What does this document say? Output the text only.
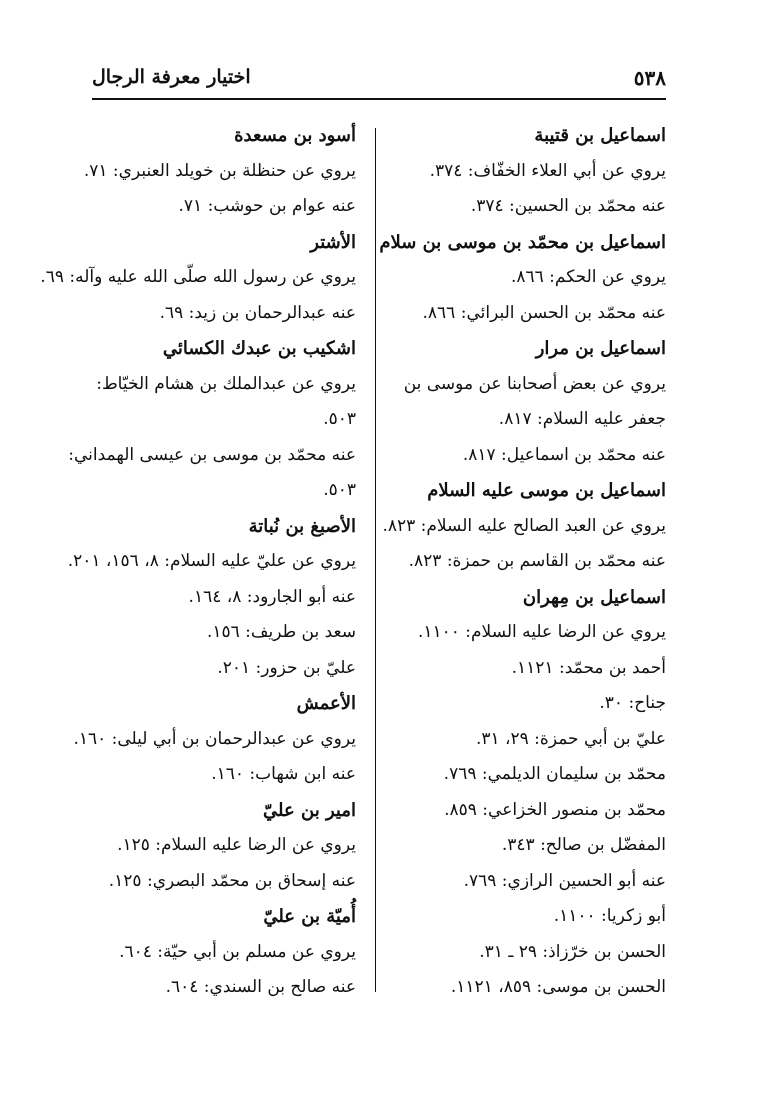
٥٣٨
اختيار معرفة الرجال
اسماعيل بن قتيبة
يروي عن أبي العلاء الخفّاف: ٣٧٤.
عنه محمّد بن الحسين: ٣٧٤.
اسماعيل بن محمّد بن موسى بن سلام
يروي عن الحكم: ٨٦٦.
عنه محمّد بن الحسن البرائي: ٨٦٦.
اسماعيل بن مرار
يروي عن بعض أصحابنا عن موسى بن
جعفر عليه السلام: ٨١٧.
عنه محمّد بن اسماعيل: ٨١٧.
اسماعيل بن موسى عليه السلام
يروي عن العبد الصالح عليه السلام: ٨٢٣.
عنه محمّد بن القاسم بن حمزة: ٨٢٣.
اسماعيل بن مِهران
يروي عن الرضا عليه السلام: ١١٠٠.
أحمد بن محمّد: ١١٢١.
جناح: ٣٠.
عليّ بن أبي حمزة: ٢٩، ٣١.
محمّد بن سليمان الديلمي: ٧٦٩.
محمّد بن منصور الخزاعي: ٨٥٩.
المفضّل بن صالح: ٣٤٣.
عنه أبو الحسين الرازي: ٧٦٩.
أبو زكريا: ١١٠٠.
الحسن بن خرّزاذ: ٢٩ ـ ٣١.
الحسن بن موسى: ٨٥٩، ١١٢١.
أسود بن مسعدة
يروي عن حنظلة بن خويلد العنبري: ٧١.
عنه عوام بن حوشب: ٧١.
الأشتر
يروي عن رسول الله صلّى الله عليه وآله: ٦٩.
عنه عبدالرحمان بن زيد: ٦٩.
اشكيب بن عبدك الكسائي
يروي عن عبدالملك بن هشام الخيّاط:
٥٠٣.
عنه محمّد بن موسى بن عيسى الهمداني:
٥٠٣.
الأصبغ بن نُباتة
يروي عن عليّ عليه السلام: ٨، ١٥٦، ٢٠١.
عنه أبو الجارود: ٨، ١٦٤.
سعد بن طريف: ١٥٦.
عليّ بن حزور: ٢٠١.
الأعمش
يروي عن عبدالرحمان بن أبي ليلى: ١٦٠.
عنه ابن شهاب: ١٦٠.
امير بن عليّ
يروي عن الرضا عليه السلام: ١٢٥.
عنه إسحاق بن محمّد البصري: ١٢٥.
أُميّة بن عليّ
يروي عن مسلم بن أبي حيّة: ٦٠٤.
عنه صالح بن السندي: ٦٠٤.
